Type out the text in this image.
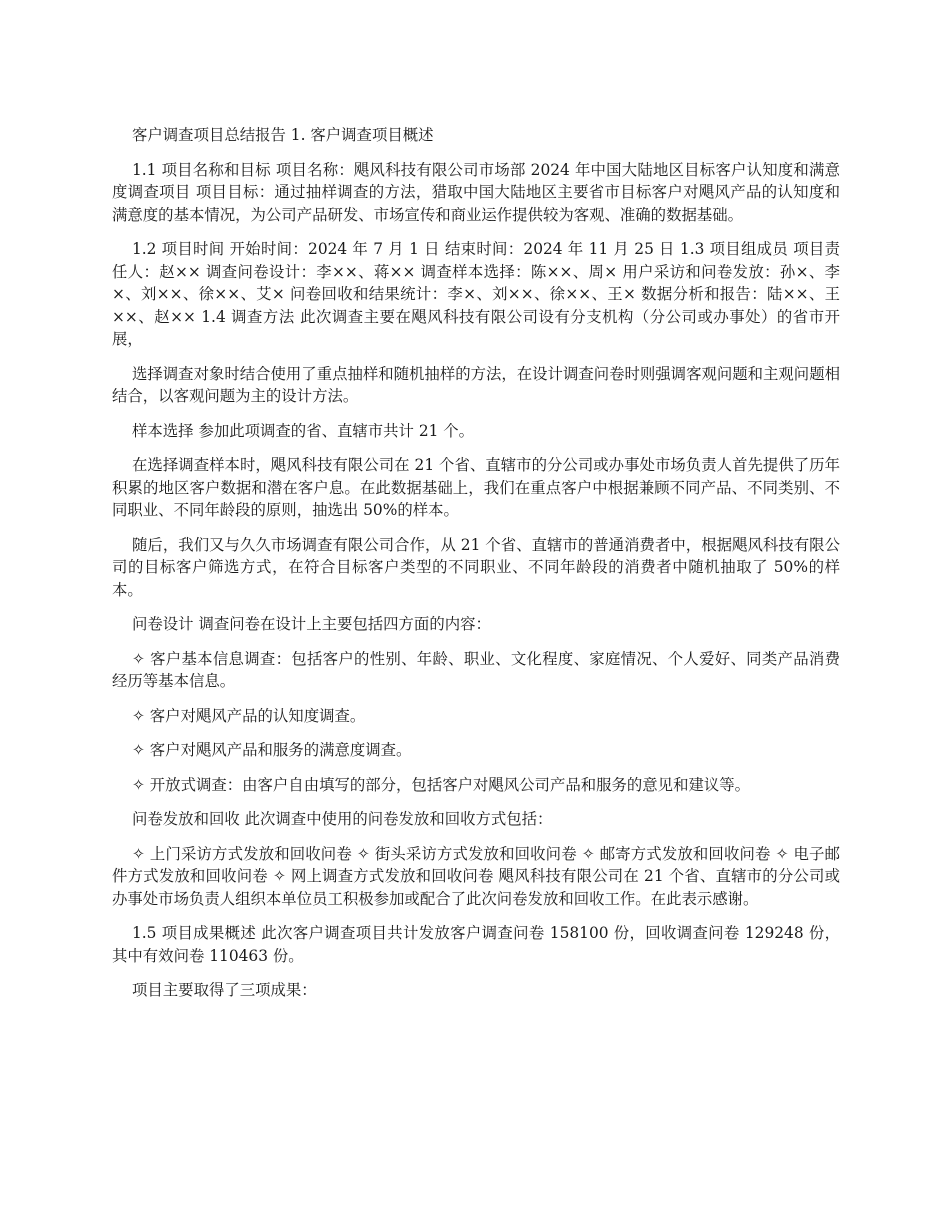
客户调查项目总结报告 1. 客户调查项目概述

1.1 项目名称和目标 项目名称：飓风科技有限公司市场部 2024 年中国大陆地区目标客户认知度和满意度调查项目 项目目标：通过抽样调查的方法，猎取中国大陆地区主要省市目标客户对飓风产品的认知度和满意度的基本情况，为公司产品研发、市场宣传和商业运作提供较为客观、准确的数据基础。

1.2 项目时间 开始时间：2024 年 7 月 1 日 结束时间：2024 年 11 月 25 日 1.3 项目组成员 项目责任人：赵×× 调查问卷设计：李××、蒋×× 调查样本选择：陈××、周× 用户采访和问卷发放：孙×、李×、刘××、徐××、艾× 问卷回收和结果统计：李×、刘××、徐××、王× 数据分析和报告：陆××、王××、赵×× 1.4 调查方法 此次调查主要在飓风科技有限公司设有分支机构（分公司或办事处）的省市开展，

选择调查对象时结合使用了重点抽样和随机抽样的方法，在设计调查问卷时则强调客观问题和主观问题相结合，以客观问题为主的设计方法。

样本选择 参加此项调查的省、直辖市共计 21 个。

在选择调查样本时，飓风科技有限公司在 21 个省、直辖市的分公司或办事处市场负责人首先提供了历年积累的地区客户数据和潜在客户息。在此数据基础上，我们在重点客户中根据兼顾不同产品、不同类别、不同职业、不同年龄段的原则，抽选出 50%的样本。

随后，我们又与久久市场调查有限公司合作，从 21 个省、直辖市的普通消费者中，根据飓风科技有限公司的目标客户筛选方式，在符合目标客户类型的不同职业、不同年龄段的消费者中随机抽取了 50%的样本。

问卷设计 调查问卷在设计上主要包括四方面的内容：

✧ 客户基本信息调查：包括客户的性别、年龄、职业、文化程度、家庭情况、个人爱好、同类产品消费经历等基本信息。

✧ 客户对飓风产品的认知度调查。

✧ 客户对飓风产品和服务的满意度调查。

✧ 开放式调查：由客户自由填写的部分，包括客户对飓风公司产品和服务的意见和建议等。

问卷发放和回收 此次调查中使用的问卷发放和回收方式包括：

✧ 上门采访方式发放和回收问卷 ✧ 街头采访方式发放和回收问卷 ✧ 邮寄方式发放和回收问卷 ✧ 电子邮件方式发放和回收问卷 ✧ 网上调查方式发放和回收问卷 飓风科技有限公司在 21 个省、直辖市的分公司或办事处市场负责人组织本单位员工积极参加或配合了此次问卷发放和回收工作。在此表示感谢。

1.5 项目成果概述 此次客户调查项目共计发放客户调查问卷 158100 份，回收调查问卷 129248 份，其中有效问卷 110463 份。

项目主要取得了三项成果：
